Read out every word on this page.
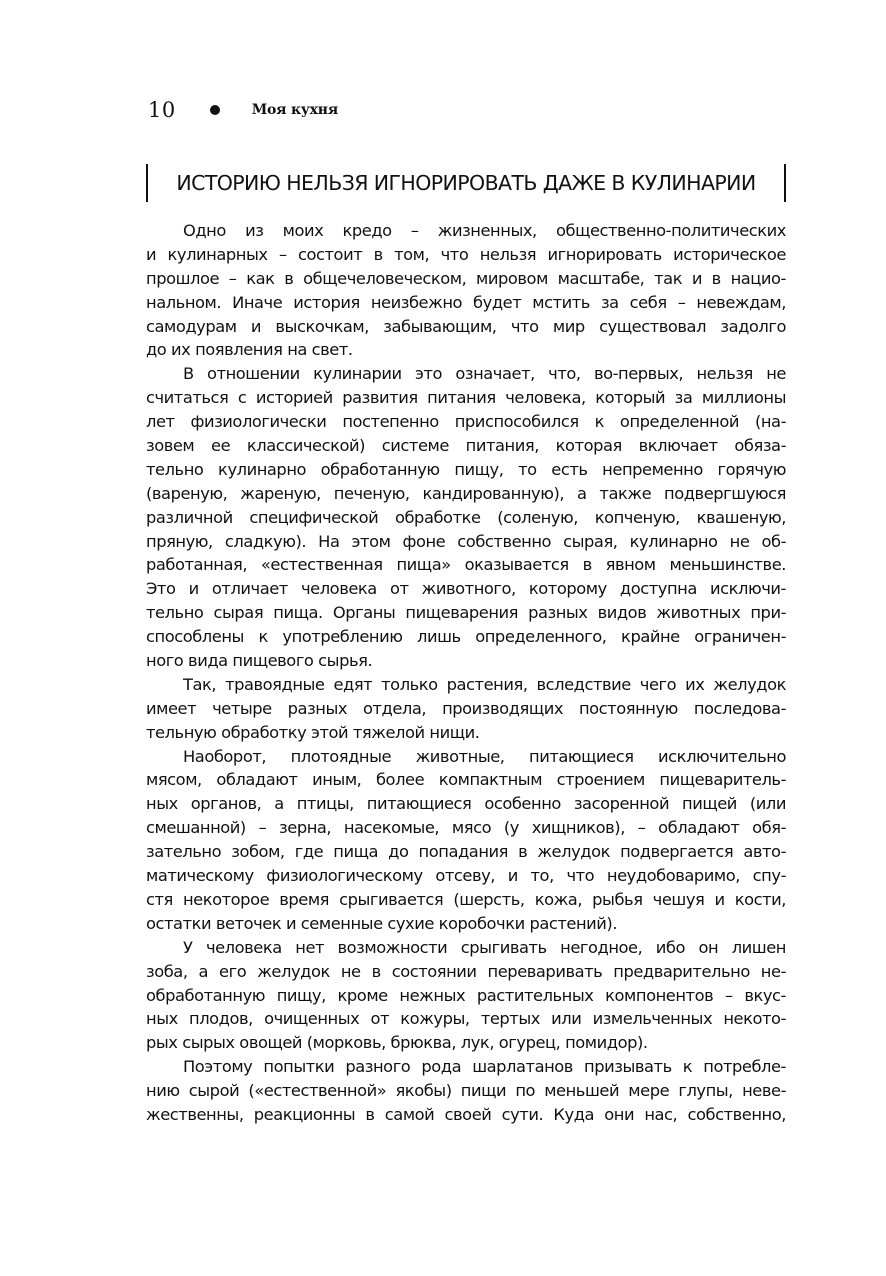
10	Моя кухня
ИСТОРИЮ НЕЛЬЗЯ ИГНОРИРОВАТЬ ДАЖЕ В КУЛИНАРИИ
Одно из моих кредо – жизненных, общественно-политических
и кулинарных – состоит в том, что нельзя игнорировать историческое
прошлое – как в общечеловеческом, мировом масштабе, так и в нацио-
нальном. Иначе история неизбежно будет мстить за себя – невеждам,
самодурам и выскочкам, забывающим, что мир существовал задолго
до их появления на свет.
В отношении кулинарии это означает, что, во-первых, нельзя не
считаться с историей развития питания человека, который за миллионы
лет физиологически постепенно приспособился к определенной (на-
зовем ее классической) системе питания, которая включает обяза-
тельно кулинарно обработанную пищу, то есть непременно горячую
(вареную, жареную, печеную, кандированную), а также подвергшуюся
различной специфической обработке (соленую, копченую, квашеную,
пряную, сладкую). На этом фоне собственно сырая, кулинарно не об-
работанная, «естественная пища» оказывается в явном меньшинстве.
Это и отличает человека от животного, которому доступна исключи-
тельно сырая пища. Органы пищеварения разных видов животных при-
способлены к употреблению лишь определенного, крайне ограничен-
ного вида пищевого сырья.
Так, травоядные едят только растения, вследствие чего их желудок
имеет четыре разных отдела, производящих постоянную последова-
тельную обработку этой тяжелой нищи.
Наоборот, плотоядные животные, питающиеся исключительно
мясом, обладают иным, более компактным строением пищеваритель-
ных органов, а птицы, питающиеся особенно засоренной пищей (или
смешанной) – зерна, насекомые, мясо (у хищников), – обладают обя-
зательно зобом, где пища до попадания в желудок подвергается авто-
матическому физиологическому отсеву, и то, что неудобоваримо, спу-
стя некоторое время срыгивается (шерсть, кожа, рыбья чешуя и кости,
остатки веточек и семенные сухие коробочки растений).
У человека нет возможности срыгивать негодное, ибо он лишен
зоба, а его желудок не в состоянии переваривать предварительно не-
обработанную пищу, кроме нежных растительных компонентов – вкус-
ных плодов, очищенных от кожуры, тертых или измельченных некото-
рых сырых овощей (морковь, брюква, лук, огурец, помидор).
Поэтому попытки разного рода шарлатанов призывать к потребле-
нию сырой («естественной» якобы) пищи по меньшей мере глупы, неве-
жественны, реакционны в самой своей сути. Куда они нас, собственно,
